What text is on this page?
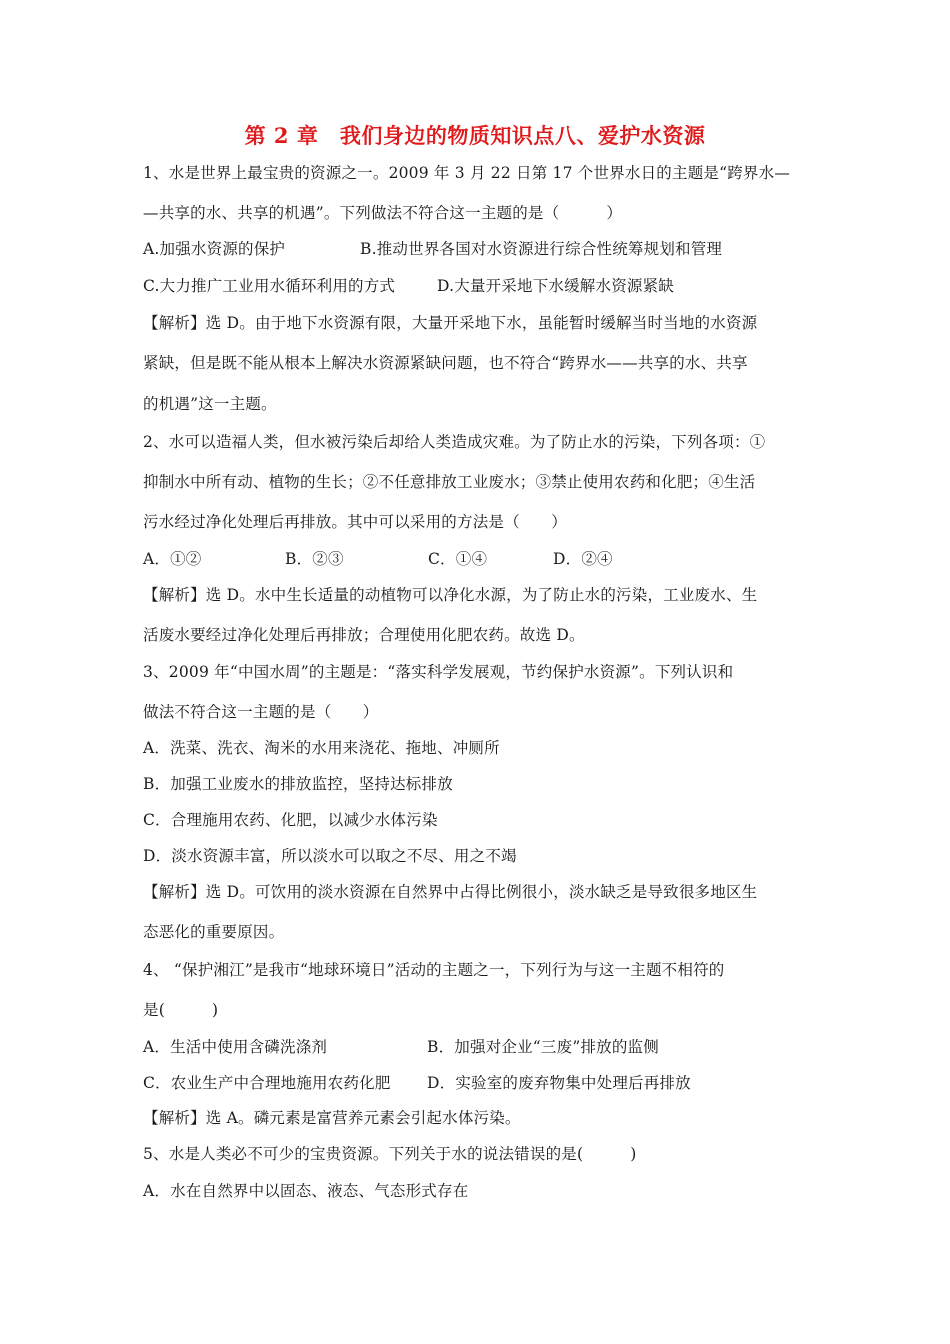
第 2 章　我们身边的物质知识点八、爱护水资源
1、水是世界上最宝贵的资源之一。2009 年 3 月 22 日第 17 个世界水日的主题是“跨界水—
—共享的水、共享的机遇”。下列做法不符合这一主题的是（　　　）
A.加强水资源的保护	B.推动世界各国对水资源进行综合性统筹规划和管理
C.大力推广工业用水循环利用的方式	D.大量开采地下水缓解水资源紧缺
【解析】选 D。由于地下水资源有限，大量开采地下水，虽能暂时缓解当时当地的水资源
紧缺，但是既不能从根本上解决水资源紧缺问题，也不符合“跨界水——共享的水、共享
的机遇”这一主题。
2、水可以造福人类，但水被污染后却给人类造成灾难。为了防止水的污染，下列各项：①
抑制水中所有动、植物的生长；②不任意排放工业废水；③禁止使用农药和化肥；④生活
污水经过净化处理后再排放。其中可以采用的方法是（　　）
A．①②	B．②③	C．①④	D．②④
【解析】选 D。水中生长适量的动植物可以净化水源，为了防止水的污染，工业废水、生
活废水要经过净化处理后再排放；合理使用化肥农药。故选 D。
3、2009 年“中国水周”的主题是：“落实科学发展观，节约保护水资源”。下列认识和
做法不符合这一主题的是（　　）
A．洗菜、洗衣、淘米的水用来浇花、拖地、冲厕所
B．加强工业废水的排放监控，坚持达标排放
C．合理施用农药、化肥，以减少水体污染
D．淡水资源丰富，所以淡水可以取之不尽、用之不竭
【解析】选 D。可饮用的淡水资源在自然界中占得比例很小，淡水缺乏是导致很多地区生
态恶化的重要原因。
4、 “保护湘江”是我市“地球环境日”活动的主题之一，下列行为与这一主题不相符的
是(　　　)
A．生活中使用含磷洗涤剂	B．加强对企业“三废”排放的监侧
C．农业生产中合理地施用农药化肥 D．实验室的废弃物集中处理后再排放
【解析】选 A。磷元素是富营养元素会引起水体污染。
5、水是人类必不可少的宝贵资源。下列关于水的说法错误的是(　　　)
A．水在自然界中以固态、液态、气态形式存在
